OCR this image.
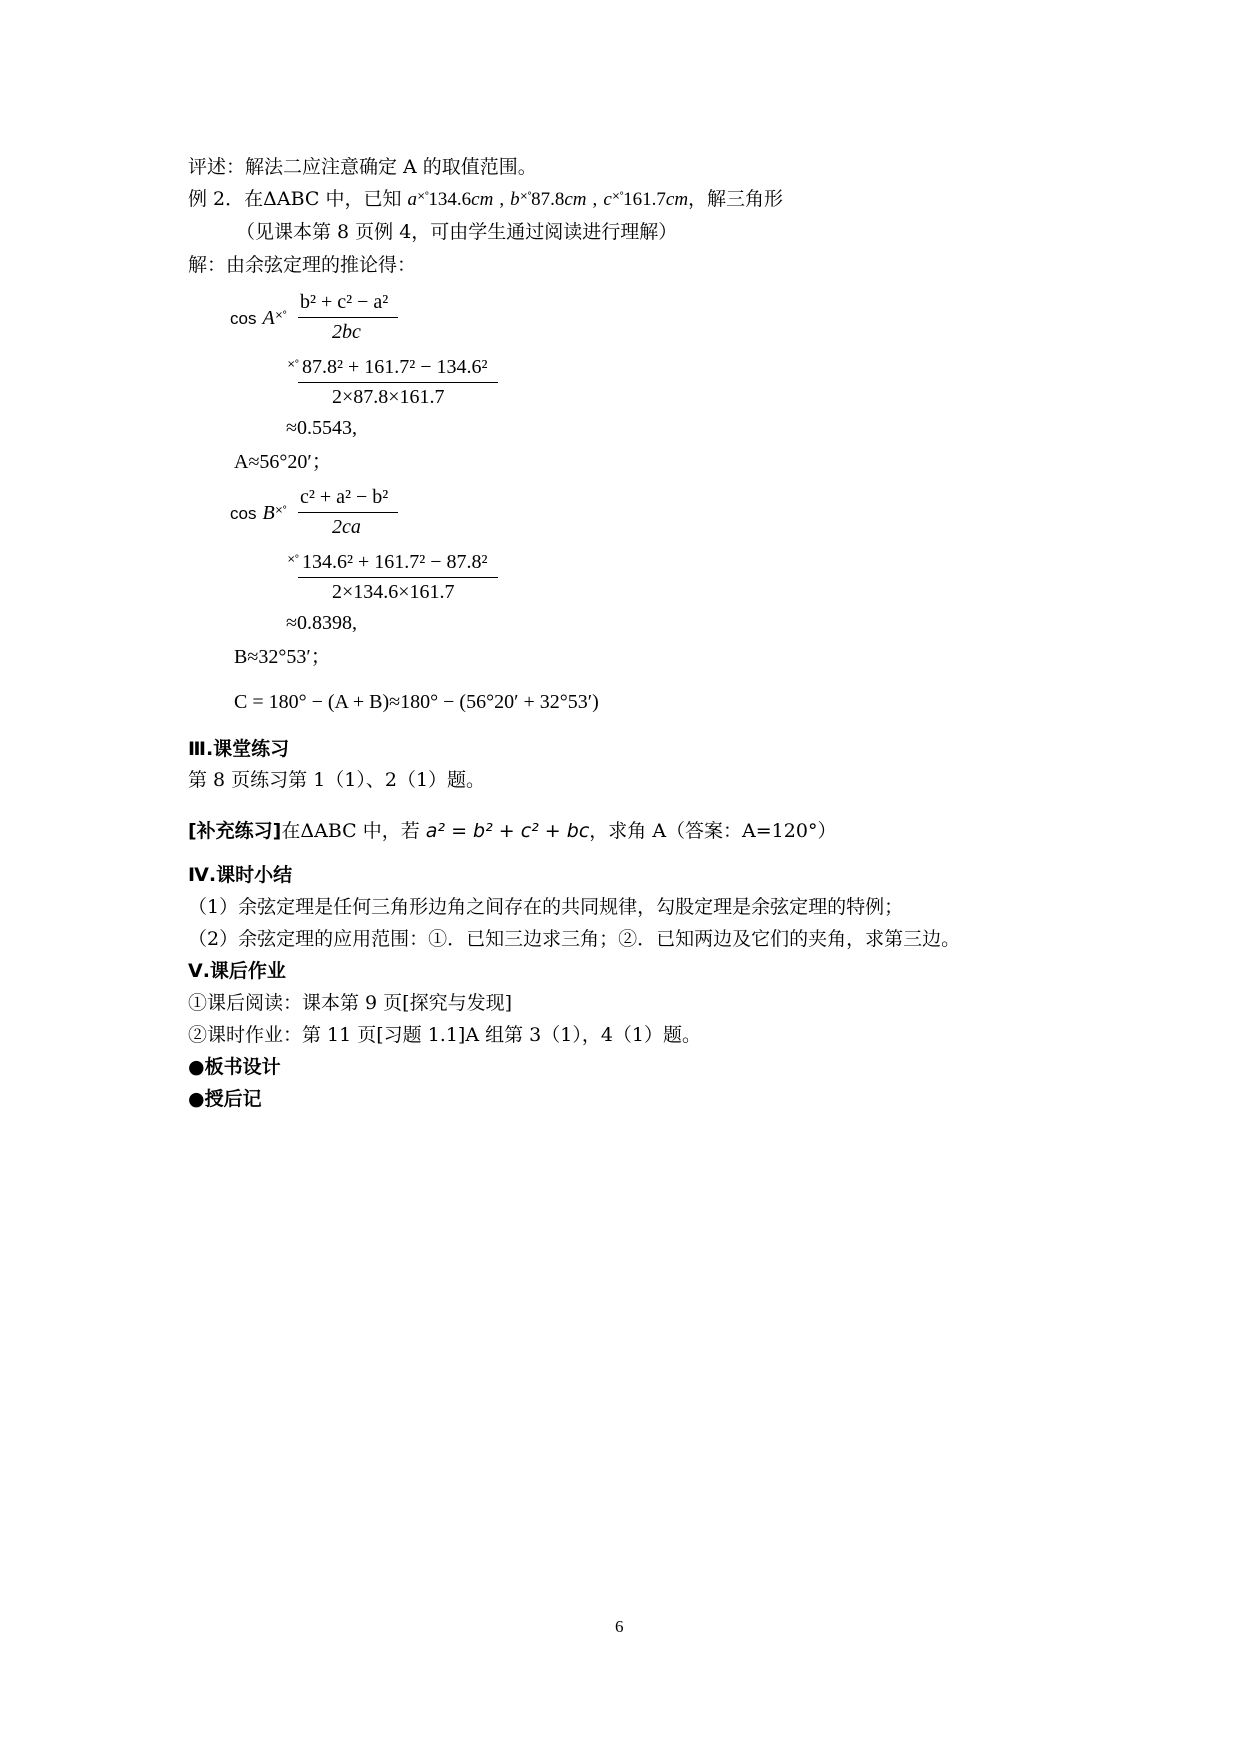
评述：解法二应注意确定 A 的取值范围。
例 2．在ΔABC 中，已知 a×°134.6cm , b×°87.8cm , c×°161.7cm，解三角形
（见课本第 8 页例 4，可由学生通过阅读进行理解）
解：由余弦定理的推论得：
cos A×°
b² + c² − a²
2bc
×° 87.8² + 161.7² − 134.6²
2×87.8×161.7
≈0.5543,
A≈56°20′；
cos B×°
c² + a² − b²
2ca
×° 134.6² + 161.7² − 87.8²
2×134.6×161.7
≈0.8398,
B≈32°53′；
C = 180° − (A + B)≈180° − (56°20′ + 32°53′)
Ⅲ.课堂练习
第 8 页练习第 1（1）、2（1）题。
[补充练习]在ΔABC 中，若 a² = b² + c² + bc，求角 A（答案：A=120°）
Ⅳ.课时小结
（1）余弦定理是任何三角形边角之间存在的共同规律，勾股定理是余弦定理的特例；
（2）余弦定理的应用范围：①．已知三边求三角；②．已知两边及它们的夹角，求第三边。
Ⅴ.课后作业
①课后阅读：课本第 9 页[探究与发现]
②课时作业：第 11 页[习题 1.1]A 组第 3（1），4（1）题。
●板书设计
●授后记
6
